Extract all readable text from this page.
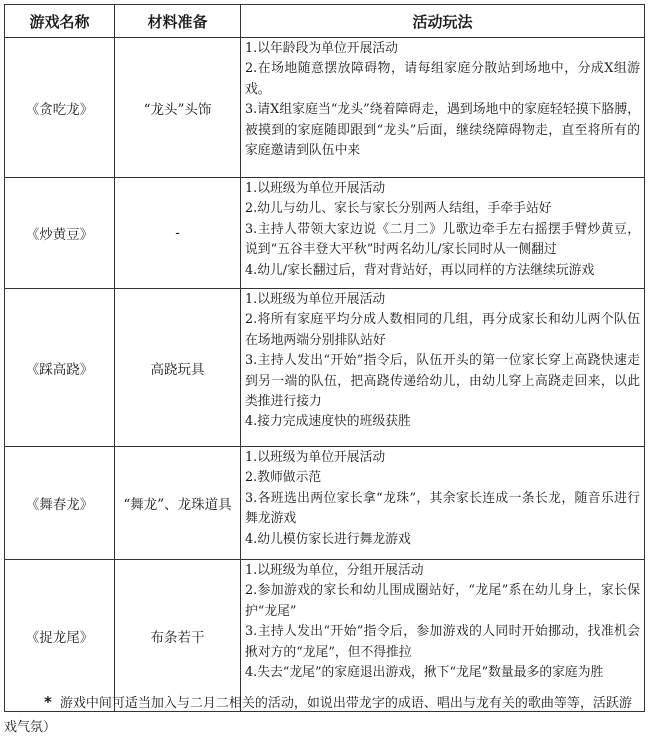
游戏名称	材料准备	活动玩法
《贪吃龙》	“龙头”头饰	1.以年龄段为单位开展活动

2.在场地随意摆放障碍物，请每组家庭分散站到场地中，分成X组游戏。

3.请X组家庭当“龙头”绕着障碍走，遇到场地中的家庭轻轻摸下胳膊，被摸到的家庭随即跟到“龙头”后面，继续绕障碍物走，直至将所有的家庭邀请到队伍中来

《炒黄豆》	-	1.以班级为单位开展活动

2.幼儿与幼儿、家长与家长分别两人结组，手牵手站好

3.主持人带领大家边说《二月二》儿歌边牵手左右摇摆手臂炒黄豆，说到“五谷丰登大平秋”时两名幼儿/家长同时从一侧翻过

4.幼儿/家长翻过后，背对背站好，再以同样的方法继续玩游戏

《踩高跷》	高跷玩具	1.以班级为单位开展活动

2.将所有家庭平均分成人数相同的几组，再分成家长和幼儿两个队伍在场地两端分别排队站好

3.主持人发出“开始”指令后，队伍开头的第一位家长穿上高跷快速走到另一端的队伍，把高跷传递给幼儿，由幼儿穿上高跷走回来，以此类推进行接力

4.接力完成速度快的班级获胜

《舞春龙》	“舞龙”、龙珠道具	1.以班级为单位开展活动

2.教师做示范

3.各班选出两位家长拿“龙珠”，其余家长连成一条长龙，随音乐进行舞龙游戏

4.幼儿模仿家长进行舞龙游戏

《捉龙尾》	布条若干	1.以班级为单位，分组开展活动

2.参加游戏的家长和幼儿围成圈站好，“龙尾”系在幼儿身上，家长保护“龙尾”

3.主持人发出“开始”指令后，参加游戏的人同时开始挪动，找准机会揪对方的“龙尾”，但不得推拉

4.失去“龙尾”的家庭退出游戏，揪下“龙尾”数量最多的家庭为胜

* 游戏中间可适当加入与二月二相关的活动，如说出带龙字的成语、唱出与龙有关的歌曲等等，活跃游戏气氛）
